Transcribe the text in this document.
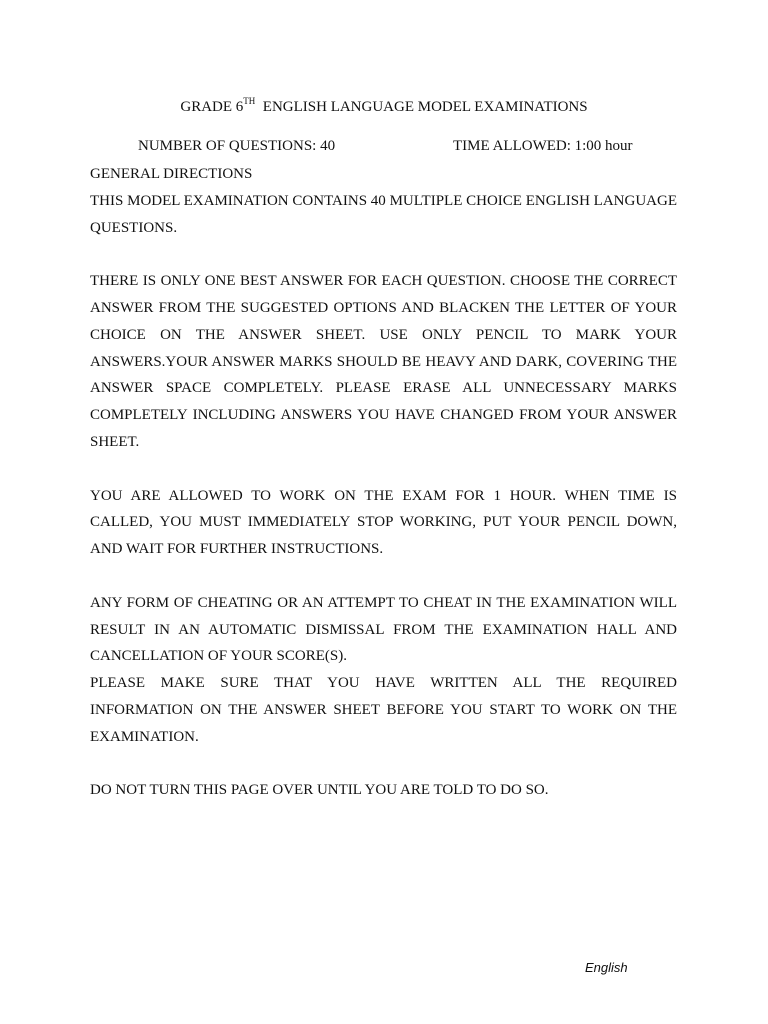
GRADE 6TH ENGLISH LANGUAGE MODEL EXAMINATIONS
NUMBER OF QUESTIONS: 40	TIME ALLOWED: 1:00 hour

GENERAL DIRECTIONS

THIS MODEL EXAMINATION CONTAINS 40 MULTIPLE CHOICE ENGLISH LANGUAGE QUESTIONS.

THERE IS ONLY ONE BEST ANSWER FOR EACH QUESTION. CHOOSE THE CORRECT ANSWER FROM THE SUGGESTED OPTIONS AND BLACKEN THE LETTER OF YOUR CHOICE ON THE ANSWER SHEET. USE ONLY PENCIL TO MARK YOUR ANSWERS.YOUR ANSWER MARKS SHOULD BE HEAVY AND DARK, COVERING THE ANSWER SPACE COMPLETELY. PLEASE ERASE ALL UNNECESSARY MARKS COMPLETELY INCLUDING ANSWERS YOU HAVE CHANGED FROM YOUR ANSWER SHEET.

YOU ARE ALLOWED TO WORK ON THE EXAM FOR 1 HOUR. WHEN TIME IS CALLED, YOU MUST IMMEDIATELY STOP WORKING, PUT YOUR PENCIL DOWN, AND WAIT FOR FURTHER INSTRUCTIONS.

ANY FORM OF CHEATING OR AN ATTEMPT TO CHEAT IN THE EXAMINATION WILL RESULT IN AN AUTOMATIC DISMISSAL FROM THE EXAMINATION HALL AND CANCELLATION OF YOUR SCORE(S).

PLEASE MAKE SURE THAT YOU HAVE WRITTEN ALL THE REQUIRED INFORMATION ON THE ANSWER SHEET BEFORE YOU START TO WORK ON THE EXAMINATION.

DO NOT TURN THIS PAGE OVER UNTIL YOU ARE TOLD TO DO SO.

English
